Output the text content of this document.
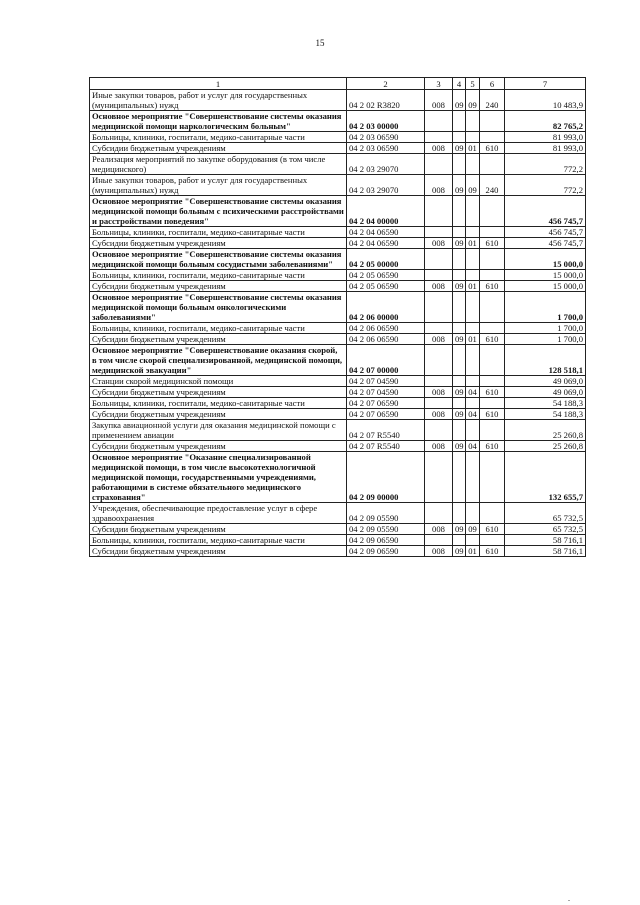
15
1	2	3	4	5	6	7
Иные закупки товаров, работ и услуг для государственных (муниципальных) нужд	04 2 02 R3820	008	09	09	240	10 483,9
Основное мероприятие "Совершенствование системы оказания медицинской помощи наркологическим больным"	04 2 03 00000					82 765,2
Больницы, клиники, госпитали, медико-санитарные части	04 2 03 06590					81 993,0
Субсидии бюджетным учреждениям	04 2 03 06590	008	09	01	610	81 993,0
Реализация мероприятий по закупке оборудования (в том числе медицинского)	04 2 03 29070					772,2
Иные закупки товаров, работ и услуг для государственных (муниципальных) нужд	04 2 03 29070	008	09	09	240	772,2
Основное мероприятие "Совершенствование системы оказания медицинской помощи больным с психическими расстройствами и расстройствами поведения"	04 2 04 00000					456 745,7
Больницы, клиники, госпитали, медико-санитарные части	04 2 04 06590					456 745,7
Субсидии бюджетным учреждениям	04 2 04 06590	008	09	01	610	456 745,7
Основное мероприятие "Совершенствование системы оказания медицинской помощи больным сосудистыми заболеваниями"	04 2 05 00000					15 000,0
Больницы, клиники, госпитали, медико-санитарные части	04 2 05 06590					15 000,0
Субсидии бюджетным учреждениям	04 2 05 06590	008	09	01	610	15 000,0
Основное мероприятие "Совершенствование системы оказания медицинской помощи больным онкологическими заболеваниями"	04 2 06 00000					1 700,0
Больницы, клиники, госпитали, медико-санитарные части	04 2 06 06590					1 700,0
Субсидии бюджетным учреждениям	04 2 06 06590	008	09	01	610	1 700,0
Основное мероприятие "Совершенствование оказания скорой, в том числе скорой специализированной, медицинской помощи, медицинской эвакуации"	04 2 07 00000					128 518,1
Станции скорой медицинской помощи	04 2 07 04590					49 069,0
Субсидии бюджетным учреждениям	04 2 07 04590	008	09	04	610	49 069,0
Больницы, клиники, госпитали, медико-санитарные части	04 2 07 06590					54 188,3
Субсидии бюджетным учреждениям	04 2 07 06590	008	09	04	610	54 188,3
Закупка авиационной услуги для оказания медицинской помощи с применением авиации	04 2 07 R5540					25 260,8
Субсидии бюджетным учреждениям	04 2 07 R5540	008	09	04	610	25 260,8
Основное мероприятие "Оказание специализированной медицинской помощи, в том числе высокотехнологичной медицинской помощи, государственными учреждениями, работающими в системе обязательного медицинского страхования"	04 2 09 00000					132 655,7
Учреждения, обеспечивающие предоставление услуг в сфере здравоохранения	04 2 09 05590					65 732,5
Субсидии бюджетным учреждениям	04 2 09 05590	008	09	09	610	65 732,5
Больницы, клиники, госпитали, медико-санитарные части	04 2 09 06590					58 716,1
Субсидии бюджетным учреждениям	04 2 09 06590	008	09	01	610	58 716,1
.
